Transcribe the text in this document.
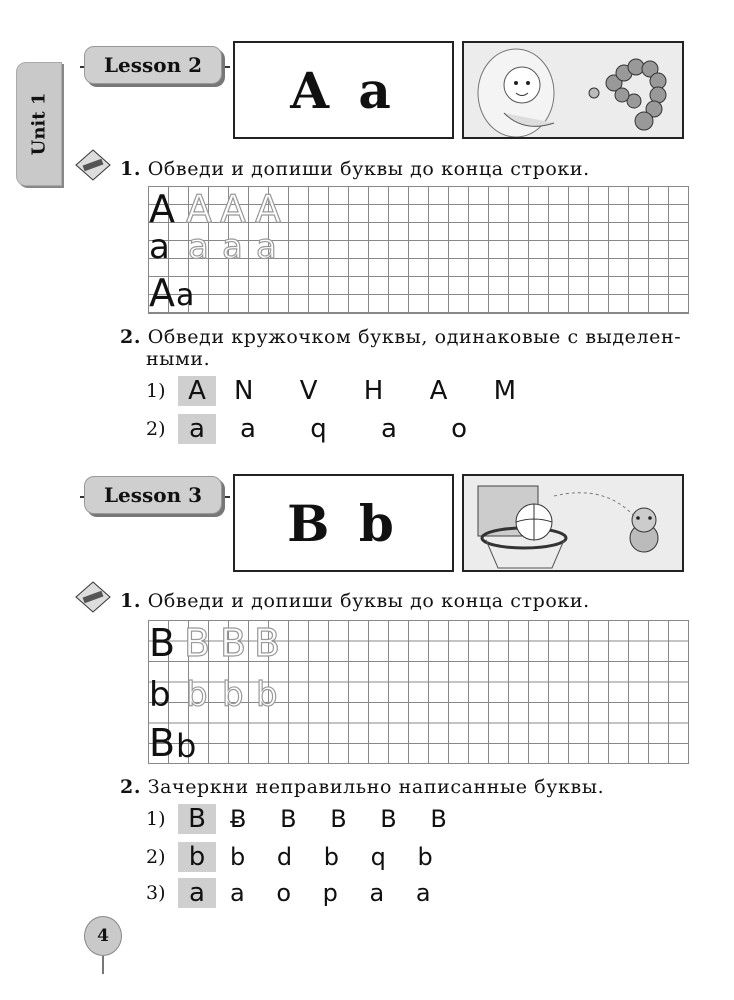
Unit 1
Lesson 2	A a
1. Обведи и допиши буквы до конца строки.
A A A A
a a a a
A a
2. Обведи кружочком буквы, одинаковые с выделен-
ными.
1) A	N V H A M
2) a	a q a o
Lesson 3	B b
1. Обведи и допиши буквы до конца строки.
B B B B
b b b b
B b
2. Зачеркни неправильно написанные буквы.
1) B	Ƀ B B B B
2) b	b d b q b
3) a	a o p a a
4
